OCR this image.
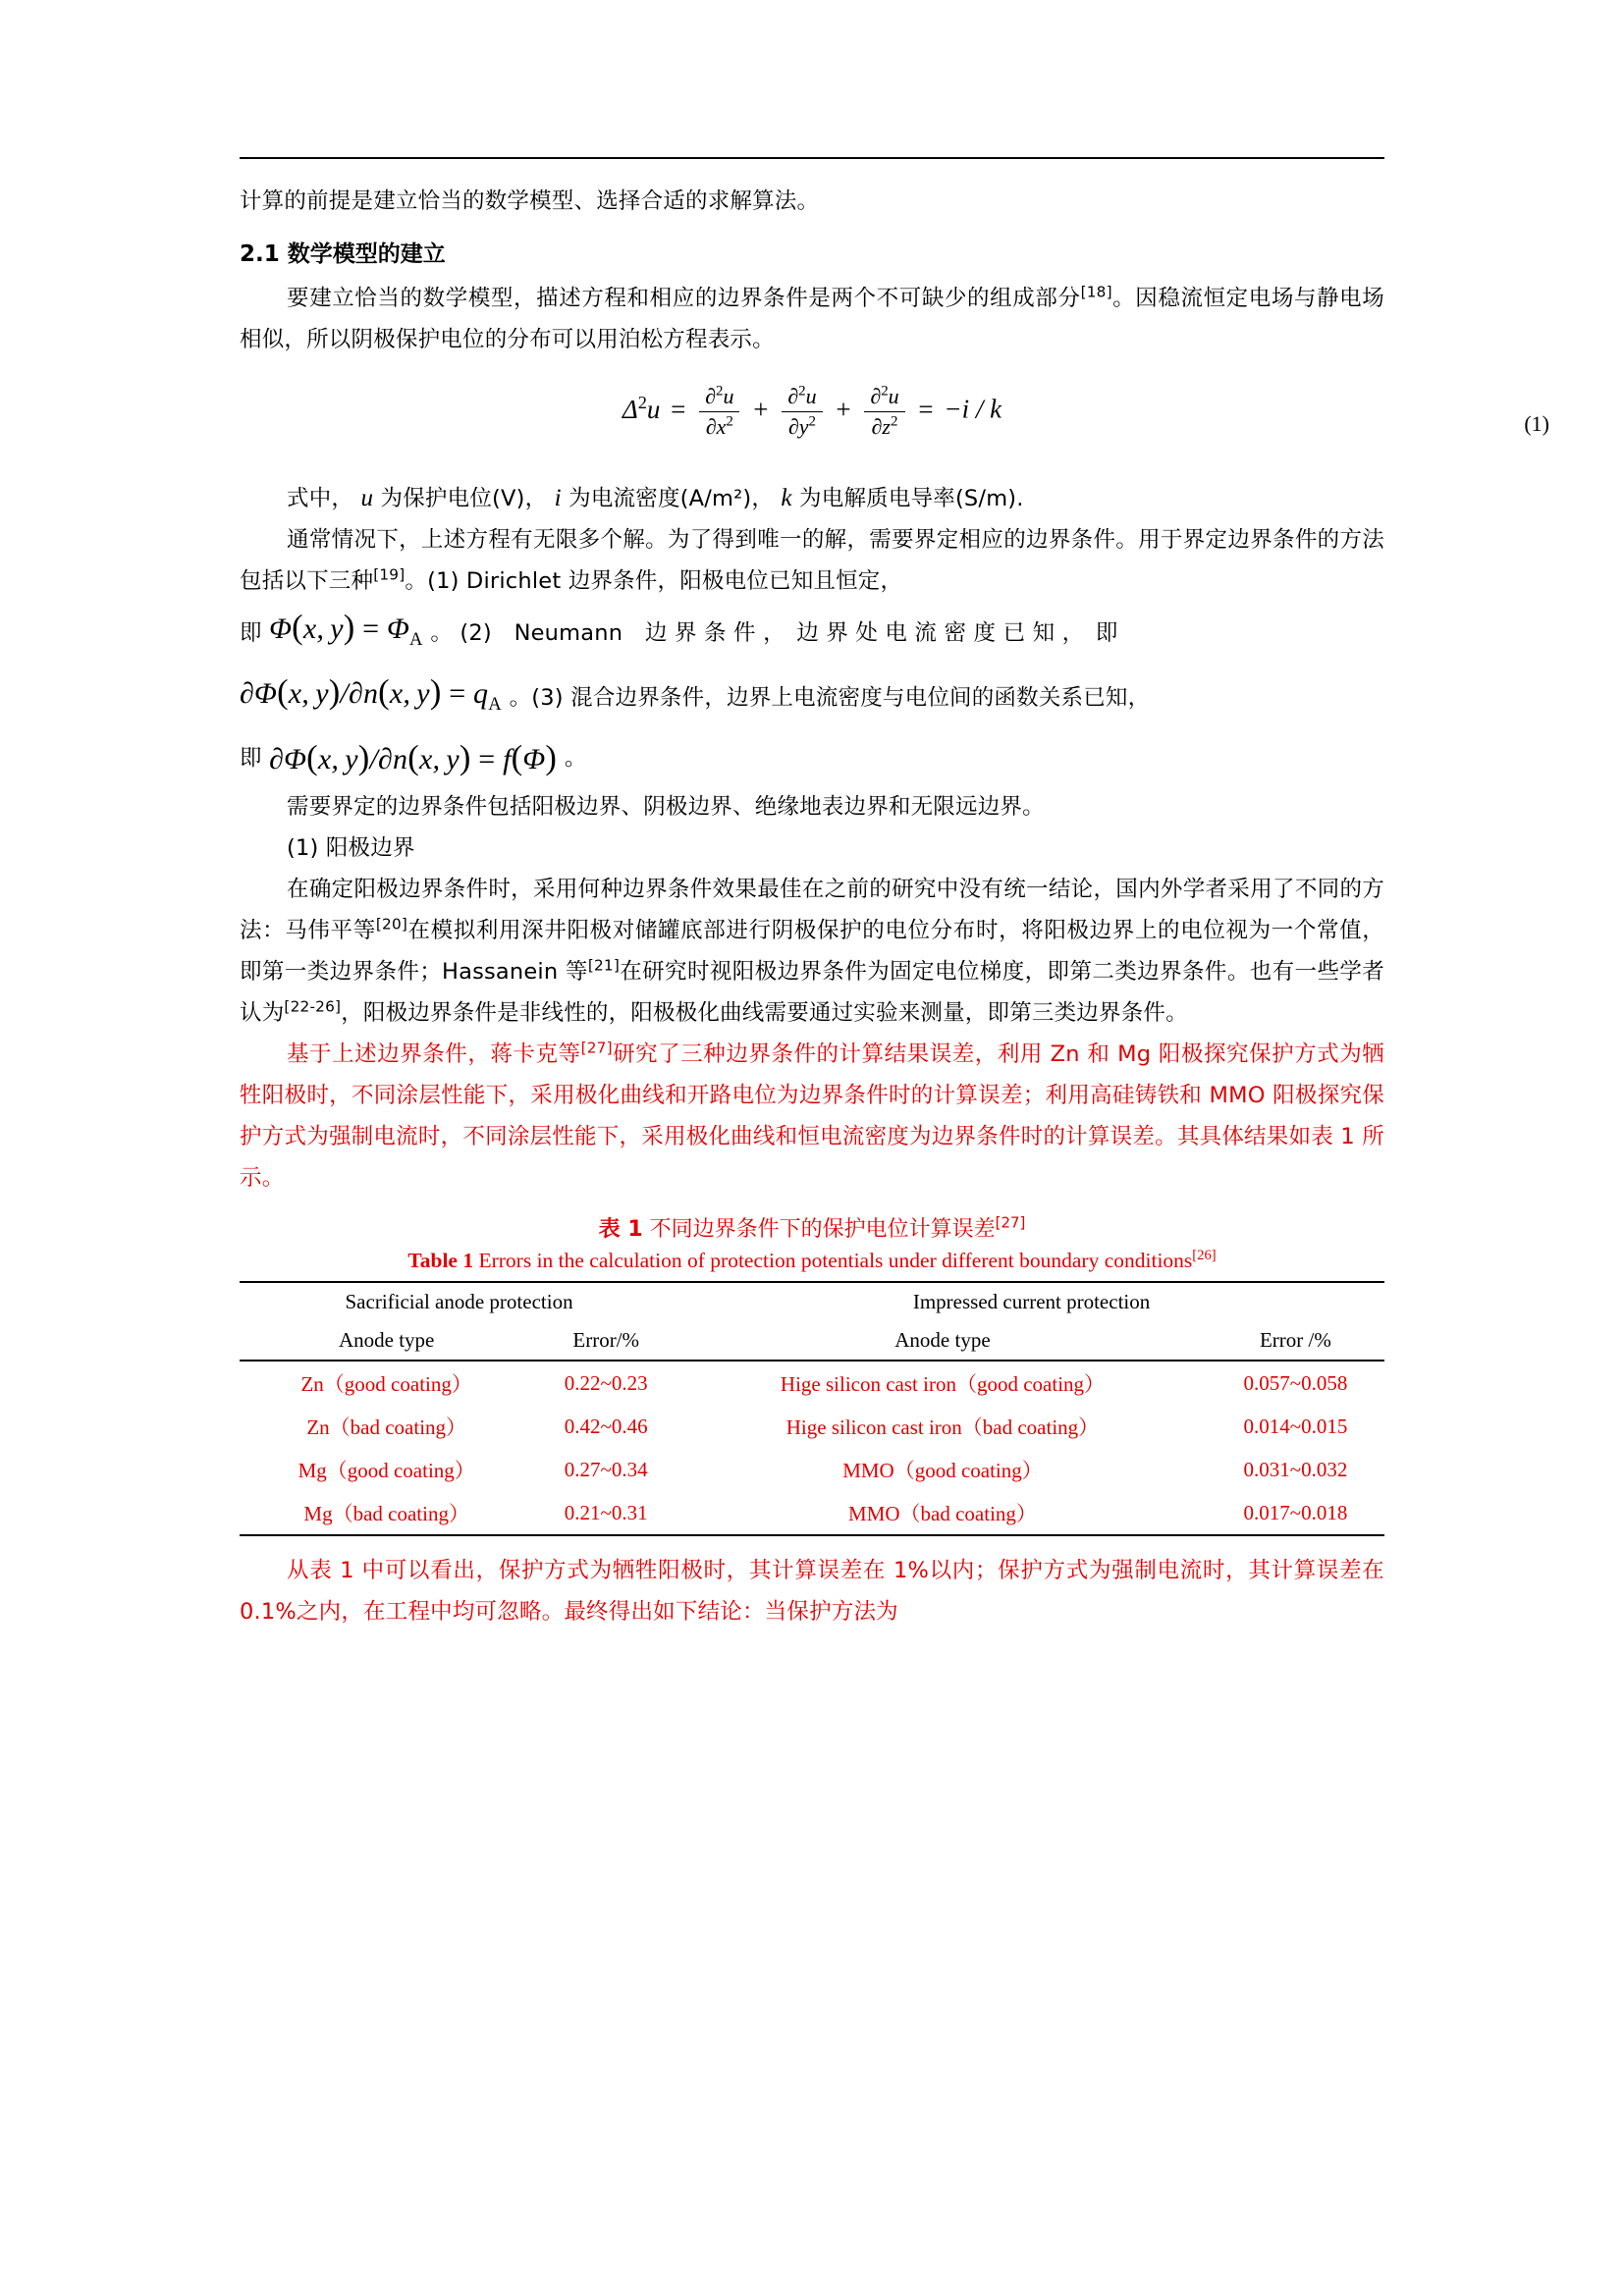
计算的前提是建立恰当的数学模型、选择合适的求解算法。
2.1 数学模型的建立
要建立恰当的数学模型，描述方程和相应的边界条件是两个不可缺少的组成部分[18]。因稳流恒定电场与静电场相似，所以阴极保护电位的分布可以用泊松方程表示。
$\Delta^2u = \frac{\partial^2u}{\partial x^2} + \frac{\partial^2u}{\partial y^2} + \frac{\partial^2u}{\partial z^2} = -i / k$	(1)
式中， u 为保护电位(V)， i 为电流密度(A/m²)， k 为电解质电导率(S/m).
通常情况下，上述方程有无限多个解。为了得到唯一的解，需要界定相应的边界条件。用于界定边界条件的方法包括以下三种[19]。(1) Dirichlet 边界条件，阳极电位已知且恒定，
即 Φ(x, $y) = \Phi_A$ 。 (2)　Neumann　边 界 条 件 ，　边 界 处 电 流 密 度 已 知 ，　即
∂Φ(x, y)/∂n(x, $y) = q_A$ 。(3) 混合边界条件，边界上电流密度与电位间的函数关系已知，
即 ∂Φ(x, y)/∂n(x, y) = f(Φ) 。
需要界定的边界条件包括阳极边界、阴极边界、绝缘地表边界和无限远边界。
(1) 阳极边界
在确定阳极边界条件时，采用何种边界条件效果最佳在之前的研究中没有统一结论，国内外学者采用了不同的方法：马伟平等[20]在模拟利用深井阳极对储罐底部进行阴极保护的电位分布时，将阳极边界上的电位视为一个常值，即第一类边界条件；Hassanein 等[21]在研究时视阳极边界条件为固定电位梯度，即第二类边界条件。也有一些学者认为[22-26]，阳极边界条件是非线性的，阳极极化曲线需要通过实验来测量，即第三类边界条件。
基于上述边界条件，蒋卡克等[27]研究了三种边界条件的计算结果误差，利用 Zn 和 Mg 阳极探究保护方式为牺牲阳极时，不同涂层性能下，采用极化曲线和开路电位为边界条件时的计算误差；利用高硅铸铁和 MMO 阳极探究保护方式为强制电流时，不同涂层性能下，采用极化曲线和恒电流密度为边界条件时的计算误差。其具体结果如表 1 所示。
表 1 不同边界条件下的保护电位计算误差[27]
Table 1 Errors in the calculation of protection potentials under different boundary conditions[26]
Sacrificial anode protection		Impressed current protection	
Anode type	Error/%	Anode type	Error /%
Zn（good coating）	0.22~0.23	Hige silicon cast iron（good coating）	0.057~0.058
Zn（bad coating）	0.42~0.46	Hige silicon cast iron（bad coating）	0.014~0.015
Mg（good coating）	0.27~0.34	MMO（good coating）	0.031~0.032
Mg（bad coating）	0.21~0.31	MMO（bad coating）	0.017~0.018
从表 1 中可以看出，保护方式为牺牲阳极时，其计算误差在 1%以内；保护方式为强制电流时，其计算误差在 0.1%之内，在工程中均可忽略。最终得出如下结论：当保护方法为
